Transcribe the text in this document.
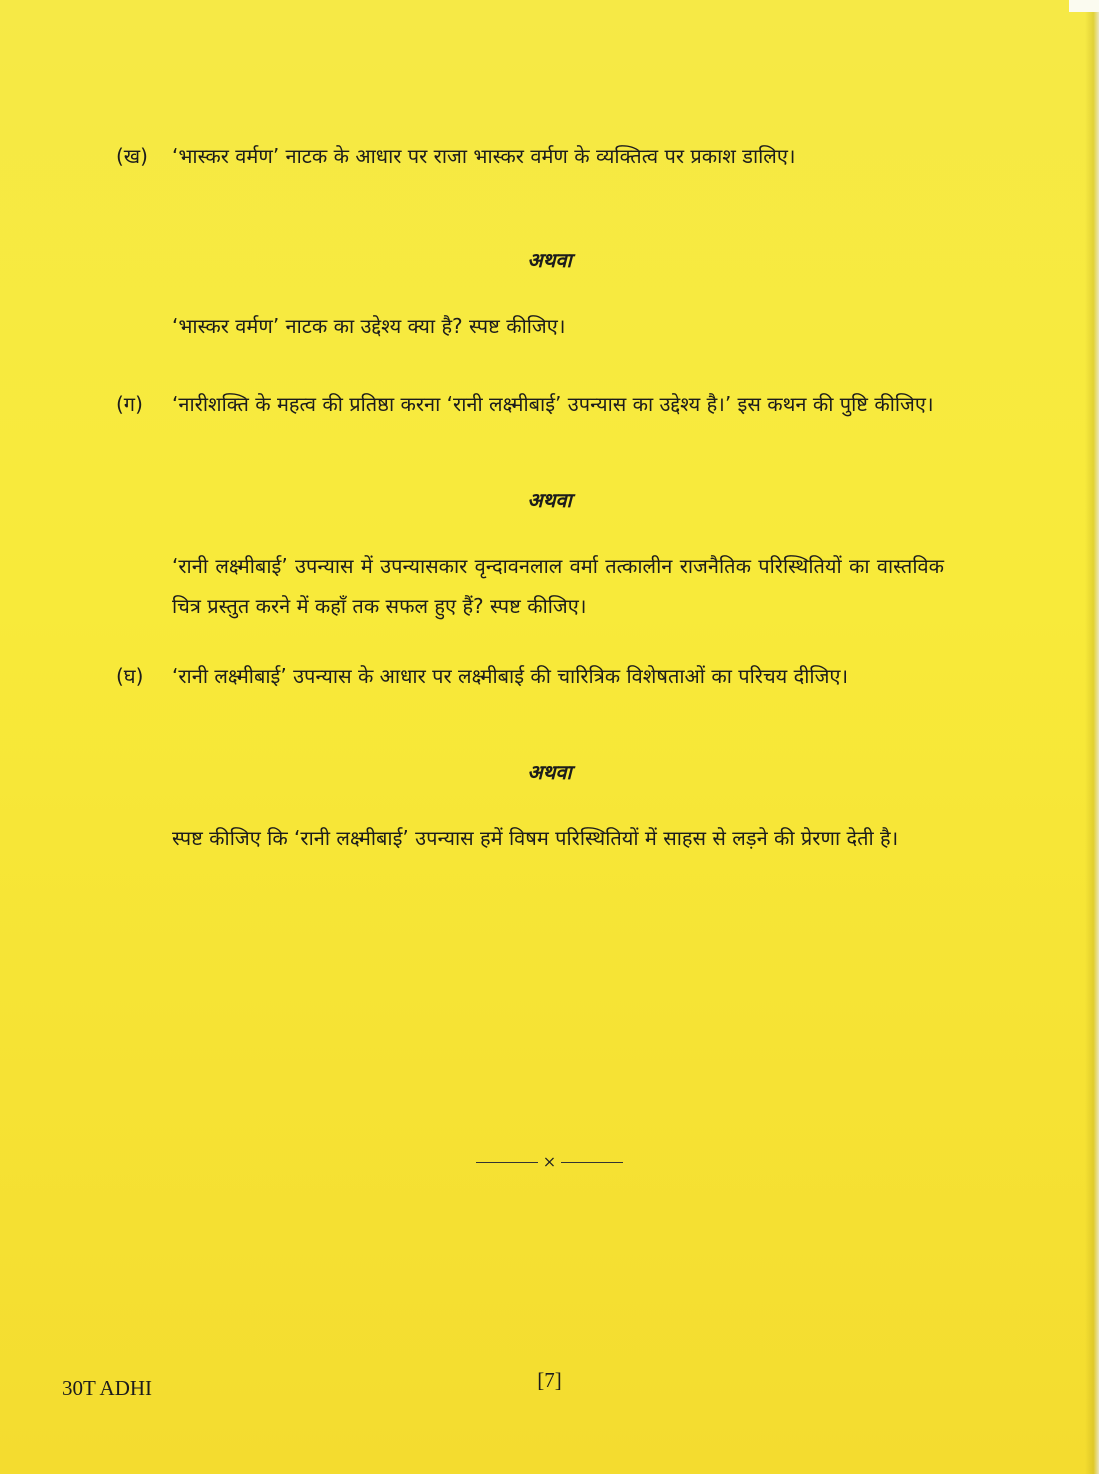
(ख) ‘भास्कर वर्मण’ नाटक के आधार पर राजा भास्कर वर्मण के व्यक्तित्व पर प्रकाश डालिए।
अथवा
‘भास्कर वर्मण’ नाटक का उद्देश्य क्या है? स्पष्ट कीजिए।
(ग) ‘नारीशक्ति के महत्व की प्रतिष्ठा करना ‘रानी लक्ष्मीबाई’ उपन्यास का उद्देश्य है।’ इस कथन की पुष्टि कीजिए।
अथवा
‘रानी लक्ष्मीबाई’ उपन्यास में उपन्यासकार वृन्दावनलाल वर्मा तत्कालीन राजनैतिक परिस्थितियों का वास्तविक चित्र प्रस्तुत करने में कहाँ तक सफल हुए हैं? स्पष्ट कीजिए।
(घ) ‘रानी लक्ष्मीबाई’ उपन्यास के आधार पर लक्ष्मीबाई की चारित्रिक विशेषताओं का परिचय दीजिए।
अथवा
स्पष्ट कीजिए कि ‘रानी लक्ष्मीबाई’ उपन्यास हमें विषम परिस्थितियों में साहस से लड़ने की प्रेरणा देती है।
×
30T ADHI	[7]
